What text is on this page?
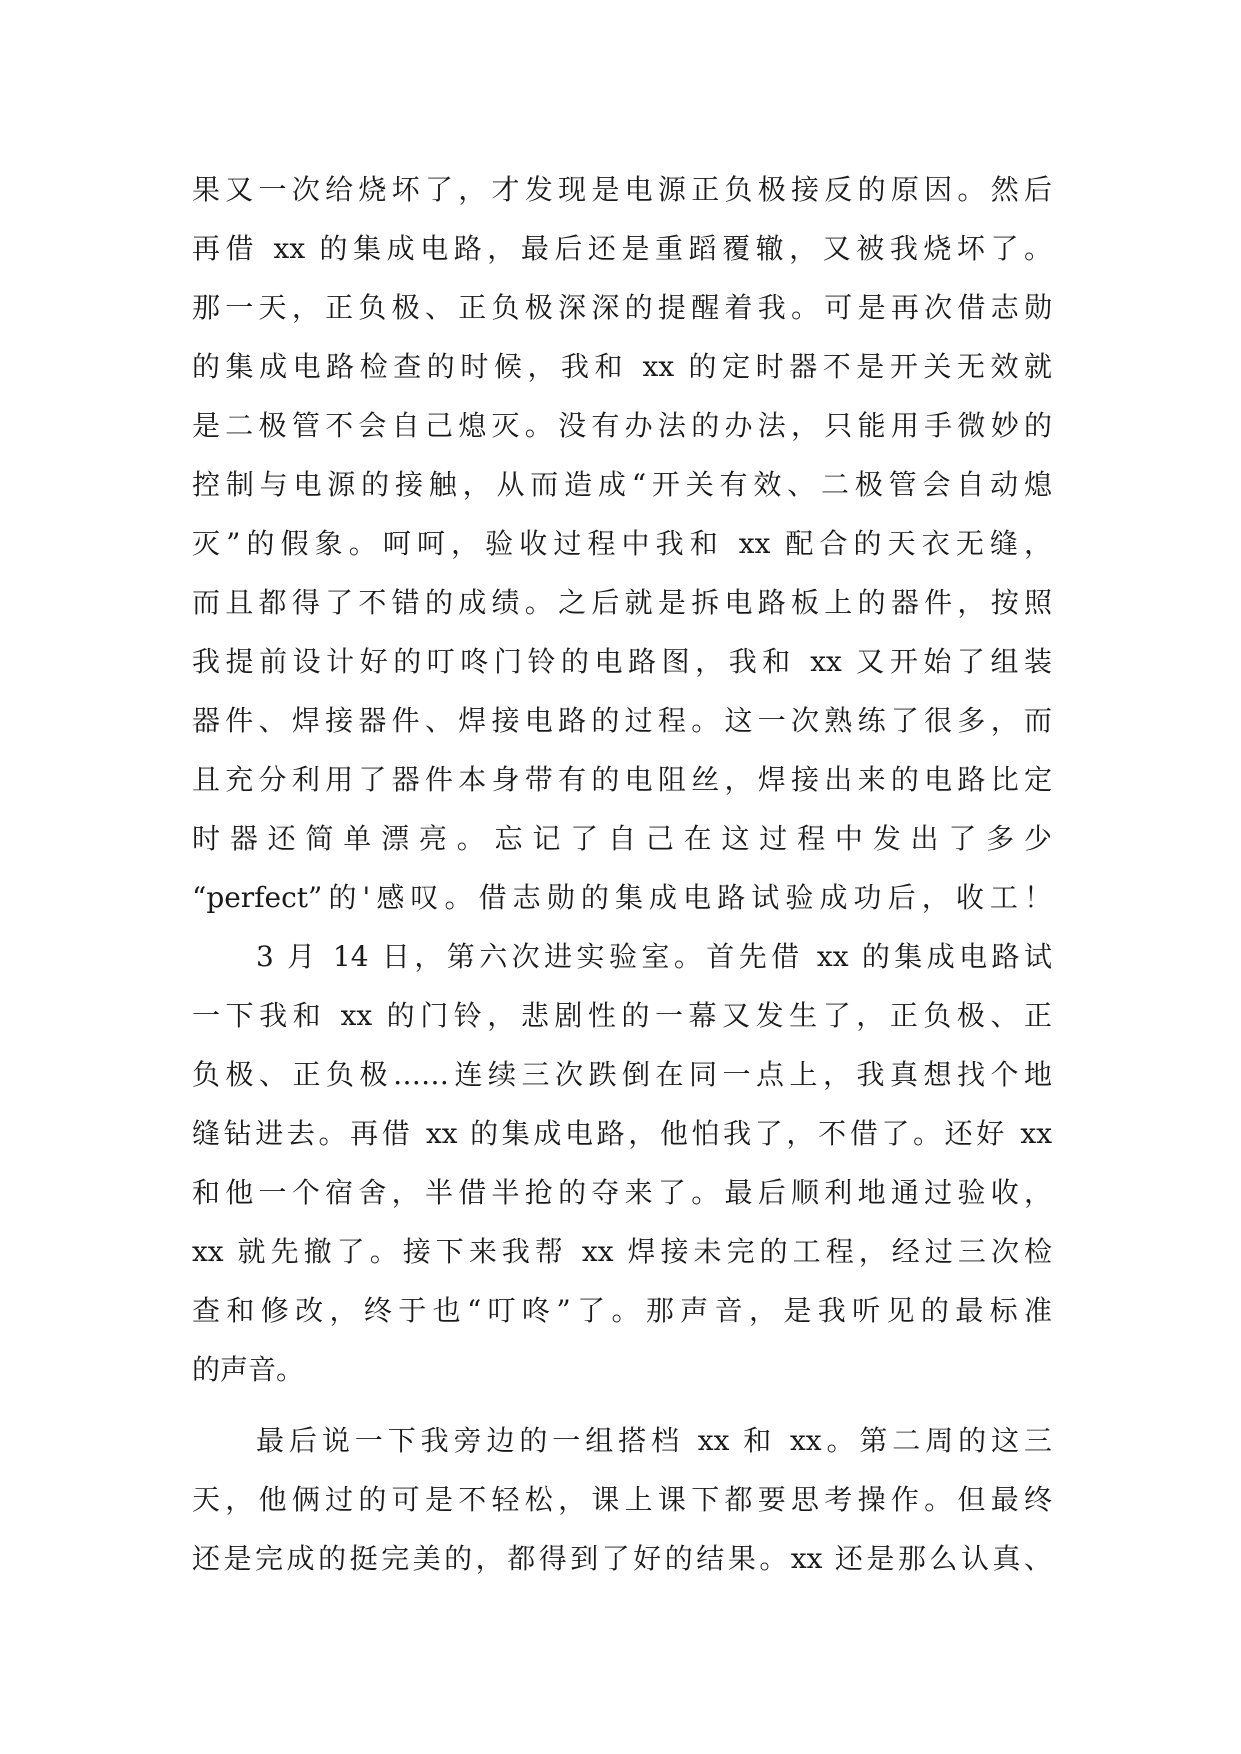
果又一次给烧坏了，才发现是电源正负极接反的原因。然后
再借 xx 的集成电路，最后还是重蹈覆辙，又被我烧坏了。
那一天，正负极、正负极深深的提醒着我。可是再次借志勋
的集成电路检查的时候，我和 xx 的定时器不是开关无效就
是二极管不会自己熄灭。没有办法的办法，只能用手微妙的
控制与电源的接触，从而造成“开关有效、二极管会自动熄
灭”的假象。呵呵，验收过程中我和 xx 配合的天衣无缝，
而且都得了不错的成绩。之后就是拆电路板上的器件，按照
我提前设计好的叮咚门铃的电路图，我和 xx 又开始了组装
器件、焊接器件、焊接电路的过程。这一次熟练了很多，而
且充分利用了器件本身带有的电阻丝，焊接出来的电路比定
时器还简单漂亮。忘记了自己在这过程中发出了多少
“perfect”的'感叹。借志勋的集成电路试验成功后，收工！
3 月 14 日，第六次进实验室。首先借 xx 的集成电路试
一下我和 xx 的门铃，悲剧性的一幕又发生了，正负极、正
负极、正负极……连续三次跌倒在同一点上，我真想找个地
缝钻进去。再借 xx 的集成电路，他怕我了，不借了。还好 xx
和他一个宿舍，半借半抢的夺来了。最后顺利地通过验收，
xx 就先撤了。接下来我帮 xx 焊接未完的工程，经过三次检
查和修改，终于也“叮咚”了。那声音，是我听见的最标准
的声音。
最后说一下我旁边的一组搭档 xx 和 xx。第二周的这三
天，他俩过的可是不轻松，课上课下都要思考操作。但最终
还是完成的挺完美的，都得到了好的结果。xx 还是那么认真、
